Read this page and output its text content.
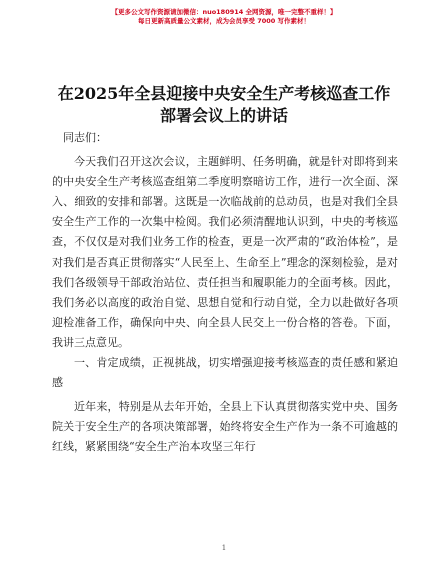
【更多公文写作资源请加微信：nuo180914 全网资源，唯一完整不重样！】
每日更新高质量公文素材，成为会员享受 7000 写作素材！
在2025年全县迎接中央安全生产考核巡查工作
部署会议上的讲话

同志们：

今天我们召开这次会议，主题鲜明、任务明确，就是针对即将到来的中央安全生产考核巡查组第二季度明察暗访工作，进行一次全面、深入、细致的安排和部署。这既是一次临战前的总动员，也是对我们全县安全生产工作的一次集中检阅。我们必须清醒地认识到，中央的考核巡查，不仅仅是对我们业务工作的检查，更是一次严肃的“政治体检”，是对我们是否真正贯彻落实“人民至上、生命至上”理念的深刻检验，是对我们各级领导干部政治站位、责任担当和履职能力的全面考核。因此，我们务必以高度的政治自觉、思想自觉和行动自觉，全力以赴做好各项迎检准备工作，确保向中央、向全县人民交上一份合格的答卷。下面，我讲三点意见。

一、肯定成绩，正视挑战，切实增强迎接考核巡查的责任感和紧迫感

近年来，特别是从去年开始，全县上下认真贯彻落实党中央、国务院关于安全生产的各项决策部署，始终将安全生产作为一条不可逾越的红线，紧紧围绕“安全生产治本攻坚三年行

1
